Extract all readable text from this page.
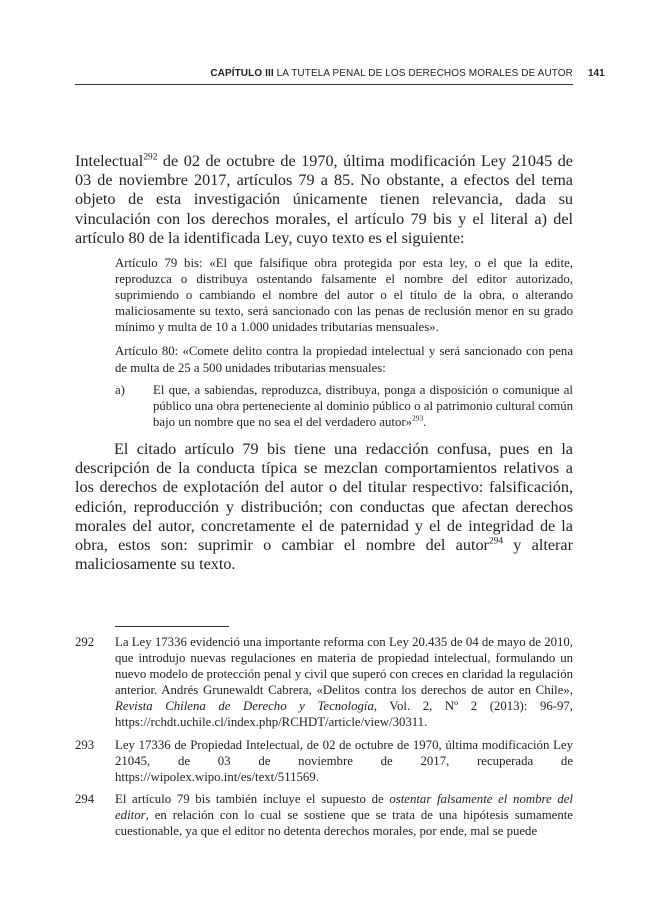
CAPÍTULO III LA TUTELA PENAL DE LOS DERECHOS MORALES DE AUTOR 141

Intelectual$^{292}$ de 02 de octubre de 1970, última modificación Ley 21045 de 03 de noviembre 2017, artículos 79 a 85. No obstante, a efectos del tema objeto de esta investigación únicamente tienen relevancia, dada su vinculación con los derechos morales, el artículo 79 bis y el literal a) del artículo 80 de la identificada Ley, cuyo texto es el siguiente:

Artículo 79 bis: «El que falsifique obra protegida por esta ley, o el que la edite, reproduzca o distribuya ostentando falsamente el nombre del editor autorizado, suprimiendo o cambiando el nombre del autor o el título de la obra, o alterando maliciosamente su texto, será sancionado con las penas de reclusión menor en su grado mínimo y multa de 10 a 1.000 unidades tributarias mensuales».

Artículo 80: «Comete delito contra la propiedad intelectual y será sancionado con pena de multa de 25 a 500 unidades tributarias mensuales:

a)	El que, a sabiendas, reproduzca, distribuya, ponga a disposición o comunique al público una obra perteneciente al dominio público o al patrimonio cultural común bajo un nombre que no sea el del verdadero autor»$^{293}$.

El citado artículo 79 bis tiene una redacción confusa, pues en la descripción de la conducta típica se mezclan comportamientos relativos a los derechos de explotación del autor o del titular respectivo: falsificación, edición, reproducción y distribución; con conductas que afectan derechos morales del autor, concretamente el de paternidad y el de integridad de la obra, estos son: suprimir o cambiar el nombre del autor$^{294}$ y alterar maliciosamente su texto.

292	La Ley 17336 evidenció una importante reforma con Ley 20.435 de 04 de mayo de 2010, que introdujo nuevas regulaciones en materia de propiedad intelectual, formulando un nuevo modelo de protección penal y civil que superó con creces en claridad la regulación anterior. Andrés Grunewaldt Cabrera, «Delitos contra los derechos de autor en Chile», Revista Chilena de Derecho y Tecnología, Vol. 2, Nº 2 (2013): 96-97, https://rchdt.uchile.cl/index.php/RCHDT/article/view/30311.
293	Ley 17336 de Propiedad Intelectual, de 02 de octubre de 1970, última modificación Ley 21045, de 03 de noviembre de 2017, recuperada de https://wipolex.wipo.int/es/text/511569.
294	El artículo 79 bis también incluye el supuesto de ostentar falsamente el nombre del editor, en relación con lo cual se sostiene que se trata de una hipótesis sumamente cuestionable, ya que el editor no detenta derechos morales, por ende, mal se puede
